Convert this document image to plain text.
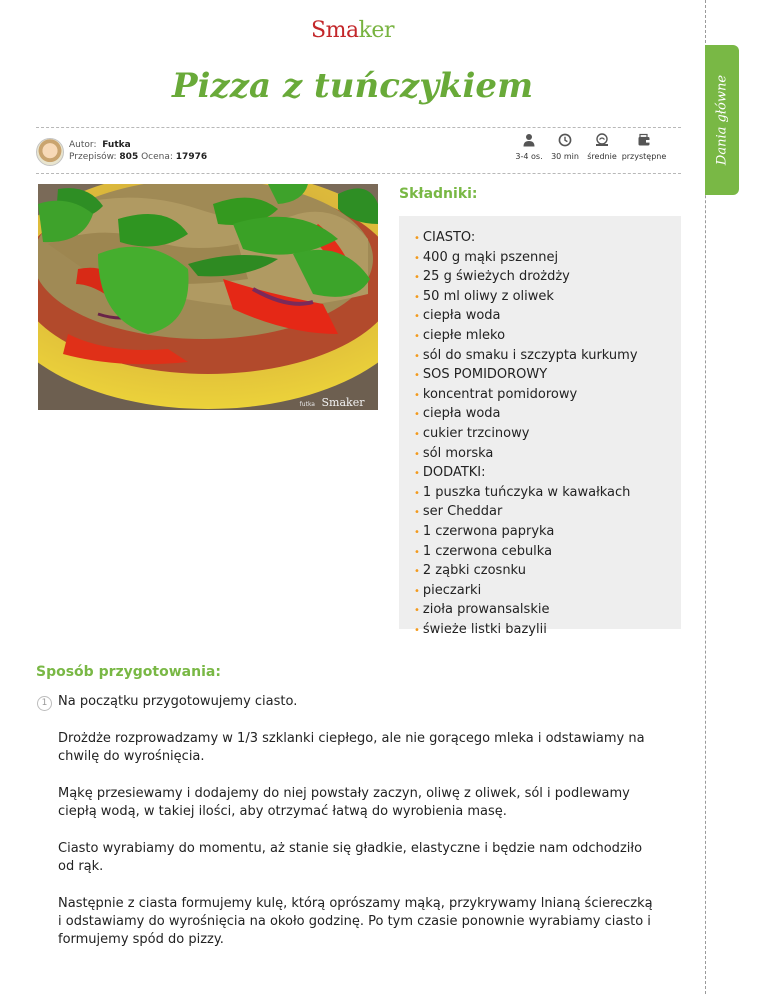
Dania główne
Smaker
Pizza z tuńczykiem
Autor: Futka
Przepisów: 805 Ocena: 17976	3-4 os.	30 min średnie przystępne
Smaker
futka
Składniki:
• CIASTO:
• 400 g mąki pszennej
• 25 g świeżych drożdży
• 50 ml oliwy z oliwek
• ciepła woda
• ciepłe mleko
• sól do smaku i szczypta kurkumy
• SOS POMIDOROWY
• koncentrat pomidorowy
• ciepła woda
• cukier trzcinowy
• sól morska
• DODATKI:
• 1 puszka tuńczyka w kawałkach
• ser Cheddar
• 1 czerwona papryka
• 1 czerwona cebulka
• 2 ząbki czosnku
• pieczarki
• zioła prowansalskie
• świeże listki bazylii
Sposób przygotowania:
1 Na początku przygotowujemy ciasto.

Drożdże rozprowadzamy w 1/3 szklanki ciepłego, ale nie gorącego mleka i odstawiamy na chwilę do wyrośnięcia.

Mąkę przesiewamy i dodajemy do niej powstały zaczyn, oliwę z oliwek, sól i podlewamy ciepłą wodą, w takiej ilości, aby otrzymać łatwą do wyrobienia masę.

Ciasto wyrabiamy do momentu, aż stanie się gładkie, elastyczne i będzie nam odchodziło od rąk.

Następnie z ciasta formujemy kulę, którą oprószamy mąką, przykrywamy lnianą ściereczką i odstawiamy do wyrośnięcia na około godzinę. Po tym czasie ponownie wyrabiamy ciasto i formujemy spód do pizzy.
